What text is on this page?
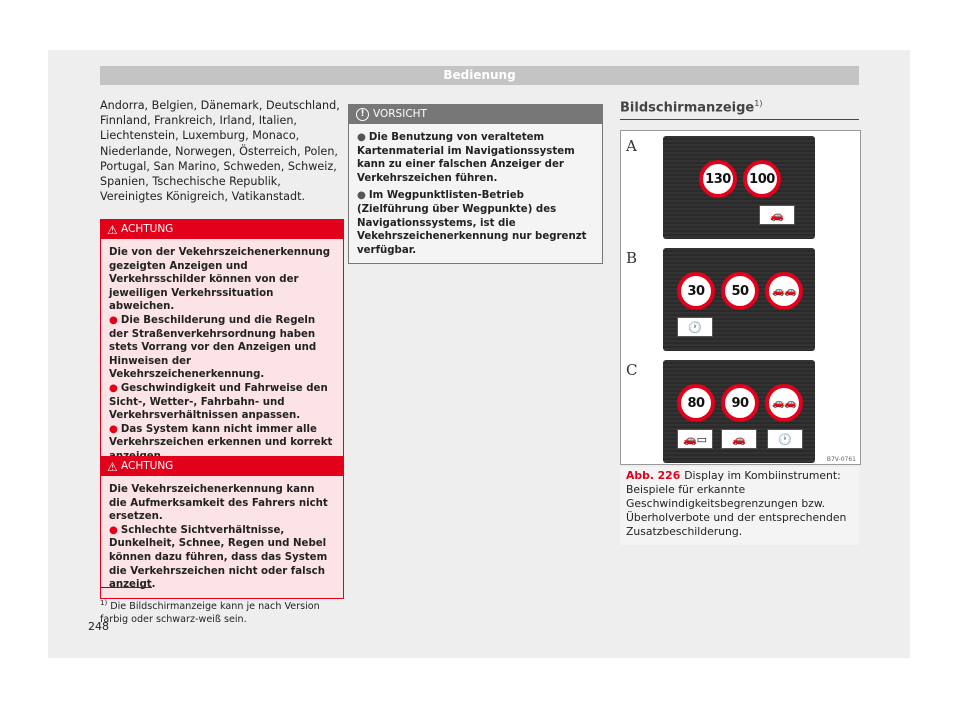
Bedienung

Andorra, Belgien, Dänemark, Deutschland, Finnland, Frankreich, Irland, Italien, Liechtenstein, Luxemburg, Monaco, Niederlande, Norwegen, Österreich, Polen, Portugal, San Marino, Schweden, Schweiz, Spanien, Tschechische Republik, Vereinigtes Königreich, Vatikanstadt.

⚠ ACHTUNG

Die von der Vekehrszeichenerkennung gezeigten Anzeigen und Verkehrsschilder können von der jeweiligen Verkehrssituation abweichen.

● Die Beschilderung und die Regeln der Straßenverkehrsordnung haben stets Vorrang vor den Anzeigen und Hinweisen der Vekehrszeichenerkennung.

● Geschwindigkeit und Fahrweise den Sicht-, Wetter-, Fahrbahn- und Verkehrsverhältnissen anpassen.

● Das System kann nicht immer alle Verkehrszeichen erkennen und korrekt

⚠ ACHTUNG

Die Vekehrszeichenerkennung kann die Aufmerksamkeit des Fahrers nicht ersetzen.

● Schlechte Sichtverhältnisse, Dunkelheit, Schnee, Regen und Nebel können dazu führen, dass das System die Verkehrszeichen nicht oder falsch anzeigt.

! VORSICHT

● Die Benutzung von veraltetem Kartenmaterial im Navigationssystem kann zu einer falschen Anzeiger der Verkehrszeichen führen.

● Im Wegpunktlisten-Betrieb (Zielführung über Wegpunkte) des Navigationssystems, ist die Vekehrszeichenerkennung nur begrenzt verfügbar.

Bildschirmanzeige$^{1)}$
A
130 100
🚗
B
30 50 🚗🚗
🕐
C
80 90 🚗🚗
🚗▭	🚗	🕐
B7V-0761

Abb. 226 Display im Kombiinstrument: Beispiele für erkannte Geschwindigkeitsbegrenzungen bzw. Überholverbote und der entsprechenden Zusatzbeschilderung.

$^{1)}$ Die Bildschirmanzeige kann je nach Version farbig oder schwarz-weiß sein.
248
